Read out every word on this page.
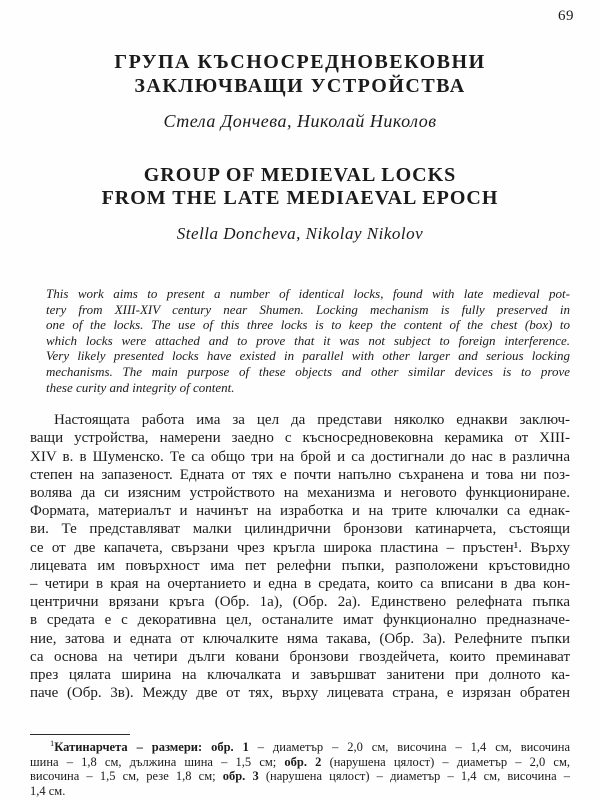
69
ГРУПА КЪСНОСРЕДНОВЕКОВНИ
ЗАКЛЮЧВАЩИ УСТРОЙСТВА
Стела Дончева, Николай Николов
GROUP OF MEDIEVAL LOCKS
FROM THE LATE MEDIAEVAL EPOCH
Stella Doncheva, Nikolay Nikolov
This work aims to present a number of identical locks, found with late medieval pot-
tery from XIII-XIV century near Shumen. Locking mechanism is fully preserved in
one of the locks. The use of this three locks is to keep the content of the chest (box) to
which locks were attached and to prove that it was not subject to foreign interference.
Very likely presented locks have existed in parallel with other larger and serious locking
mechanisms. The main purpose of these objects and other similar devices is to prove
these curity and integrity of content.
Настоящата работа има за цел да представи няколко еднакви заключ-
ващи устройства, намерени заедно с късносредновековна керамика от XIII-
XIV в. в Шуменско. Те са общо три на брой и са достигнали до нас в различна
степен на запазеност. Едната от тях е почти напълно съхранена и това ни поз-
волява да си изясним устройството на механизма и неговото функциониране.
Формата, материалът и начинът на изработка и на трите ключалки са еднак-
ви. Те представляват малки цилиндрични бронзови катинарчета, състоящи
се от две капачета, свързани чрез кръгла широка пластина – пръстен¹. Върху
лицевата им повърхност има пет релефни пъпки, разположени кръстовидно
– четири в края на очертанието и една в средата, които са вписани в два кон-
центрични врязани кръга (Обр. 1а), (Обр. 2а). Единствено релефната пъпка
в средата е с декоративна цел, останалите имат функционално предназначе-
ние, затова и едната от ключалките няма такава, (Обр. 3а). Релефните пъпки
са основа на четири дълги ковани бронзови гвоздейчета, които преминават
през цялата ширина на ключалката и завършват занитени при долното ка-
паче (Обр. 3в). Между две от тях, върху лицевата страна, е изрязан обратен
$^1$Катинарчета – размери: обр. 1 – диаметър – 2,0 см, височина – 1,4 см, височина
шина – 1,8 см, дължина шина – 1,5 см; обр. 2 (нарушена цялост) – диаметър – 2,0 см,
височина – 1,5 см, резе 1,8 см; обр. 3 (нарушена цялост) – диаметър – 1,4 см, височина –
1,4 см.
